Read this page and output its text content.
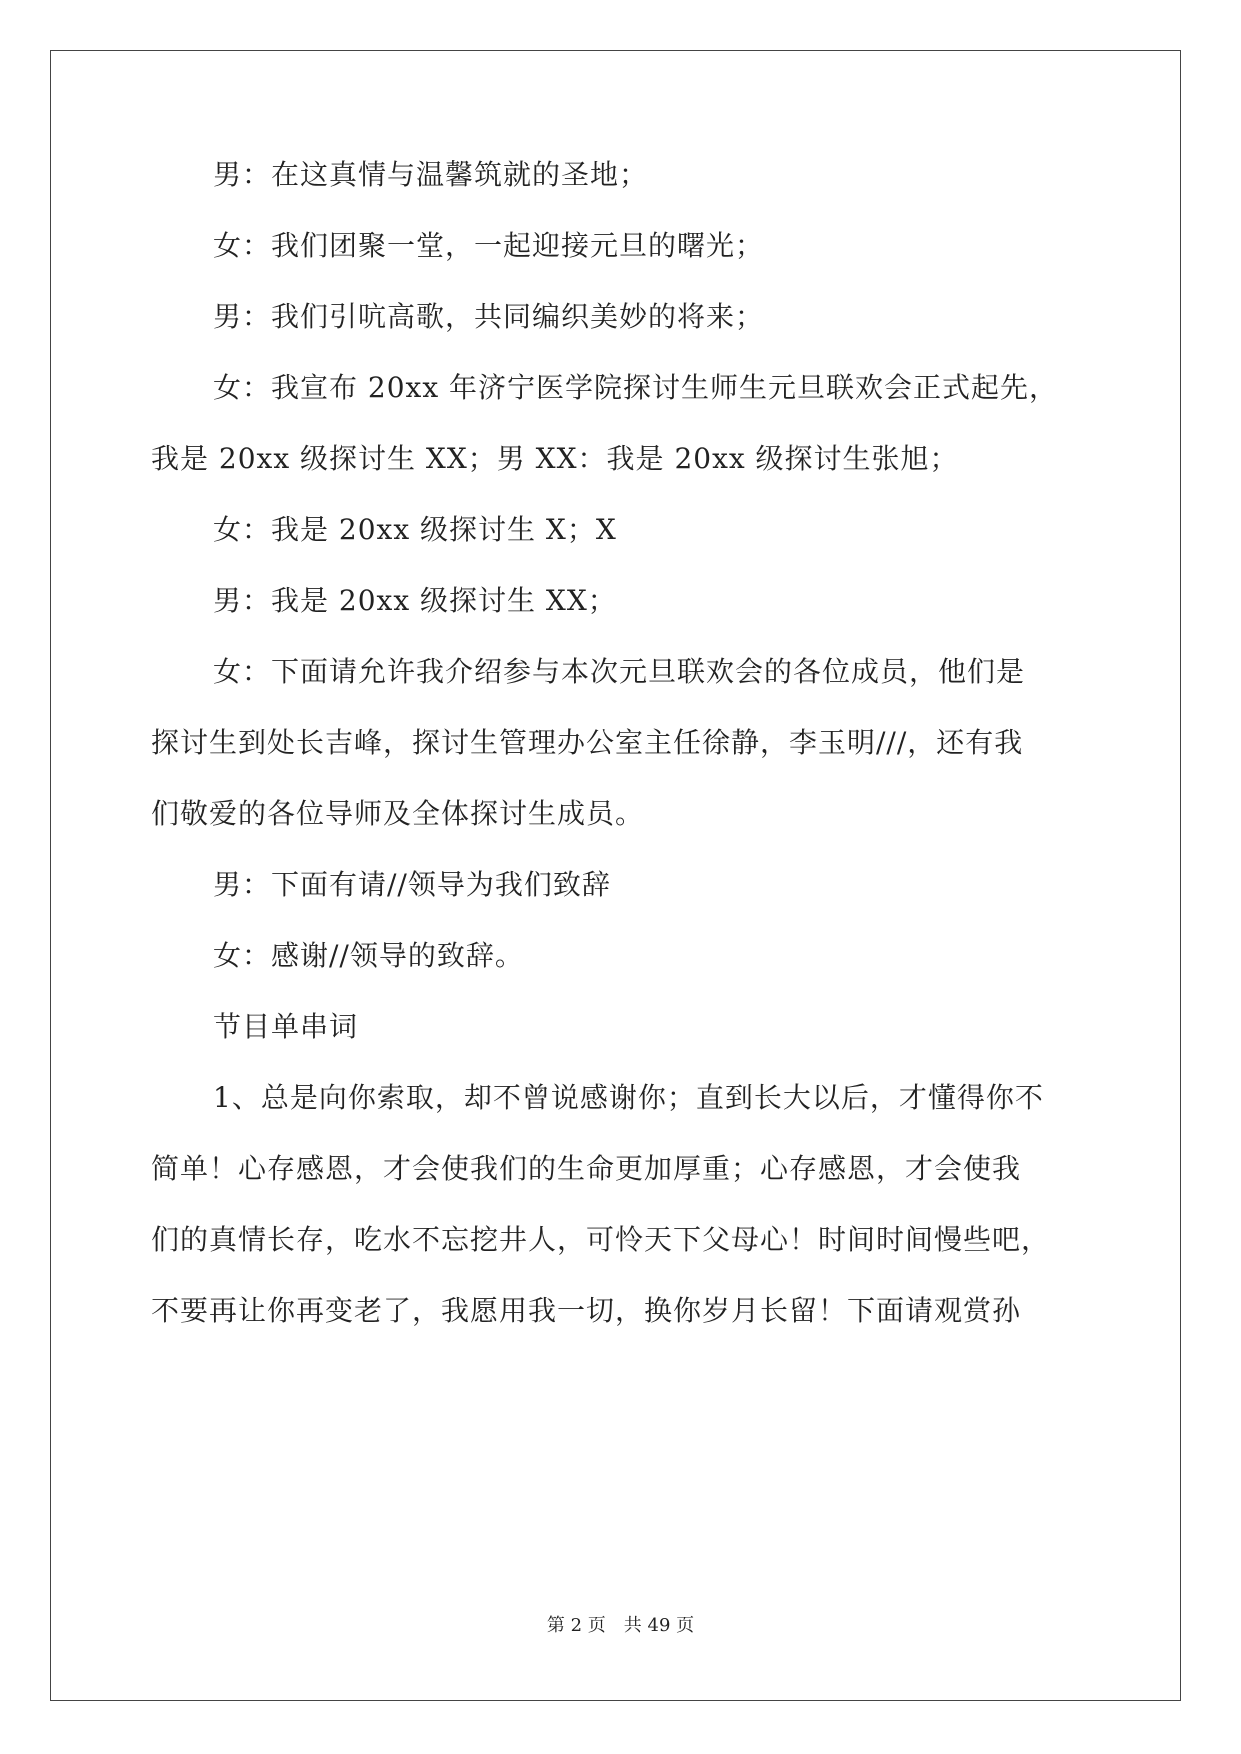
男：在这真情与温馨筑就的圣地；
女：我们团聚一堂，一起迎接元旦的曙光；
男：我们引吭高歌，共同编织美妙的将来；
女：我宣布 20xx 年济宁医学院探讨生师生元旦联欢会正式起先，
我是 20xx 级探讨生 XX；男 XX：我是 20xx 级探讨生张旭；
女：我是 20xx 级探讨生 X；X
男：我是 20xx 级探讨生 XX；
女：下面请允许我介绍参与本次元旦联欢会的各位成员，他们是
探讨生到处长吉峰，探讨生管理办公室主任徐静，李玉明///，还有我
们敬爱的各位导师及全体探讨生成员。
男：下面有请//领导为我们致辞
女：感谢//领导的致辞。
节目单串词
1、总是向你索取，却不曾说感谢你；直到长大以后，才懂得你不
简单！心存感恩，才会使我们的生命更加厚重；心存感恩，才会使我
们的真情长存，吃水不忘挖井人，可怜天下父母心！时间时间慢些吧，
不要再让你再变老了，我愿用我一切，换你岁月长留！下面请观赏孙
第 2 页　共 49 页
